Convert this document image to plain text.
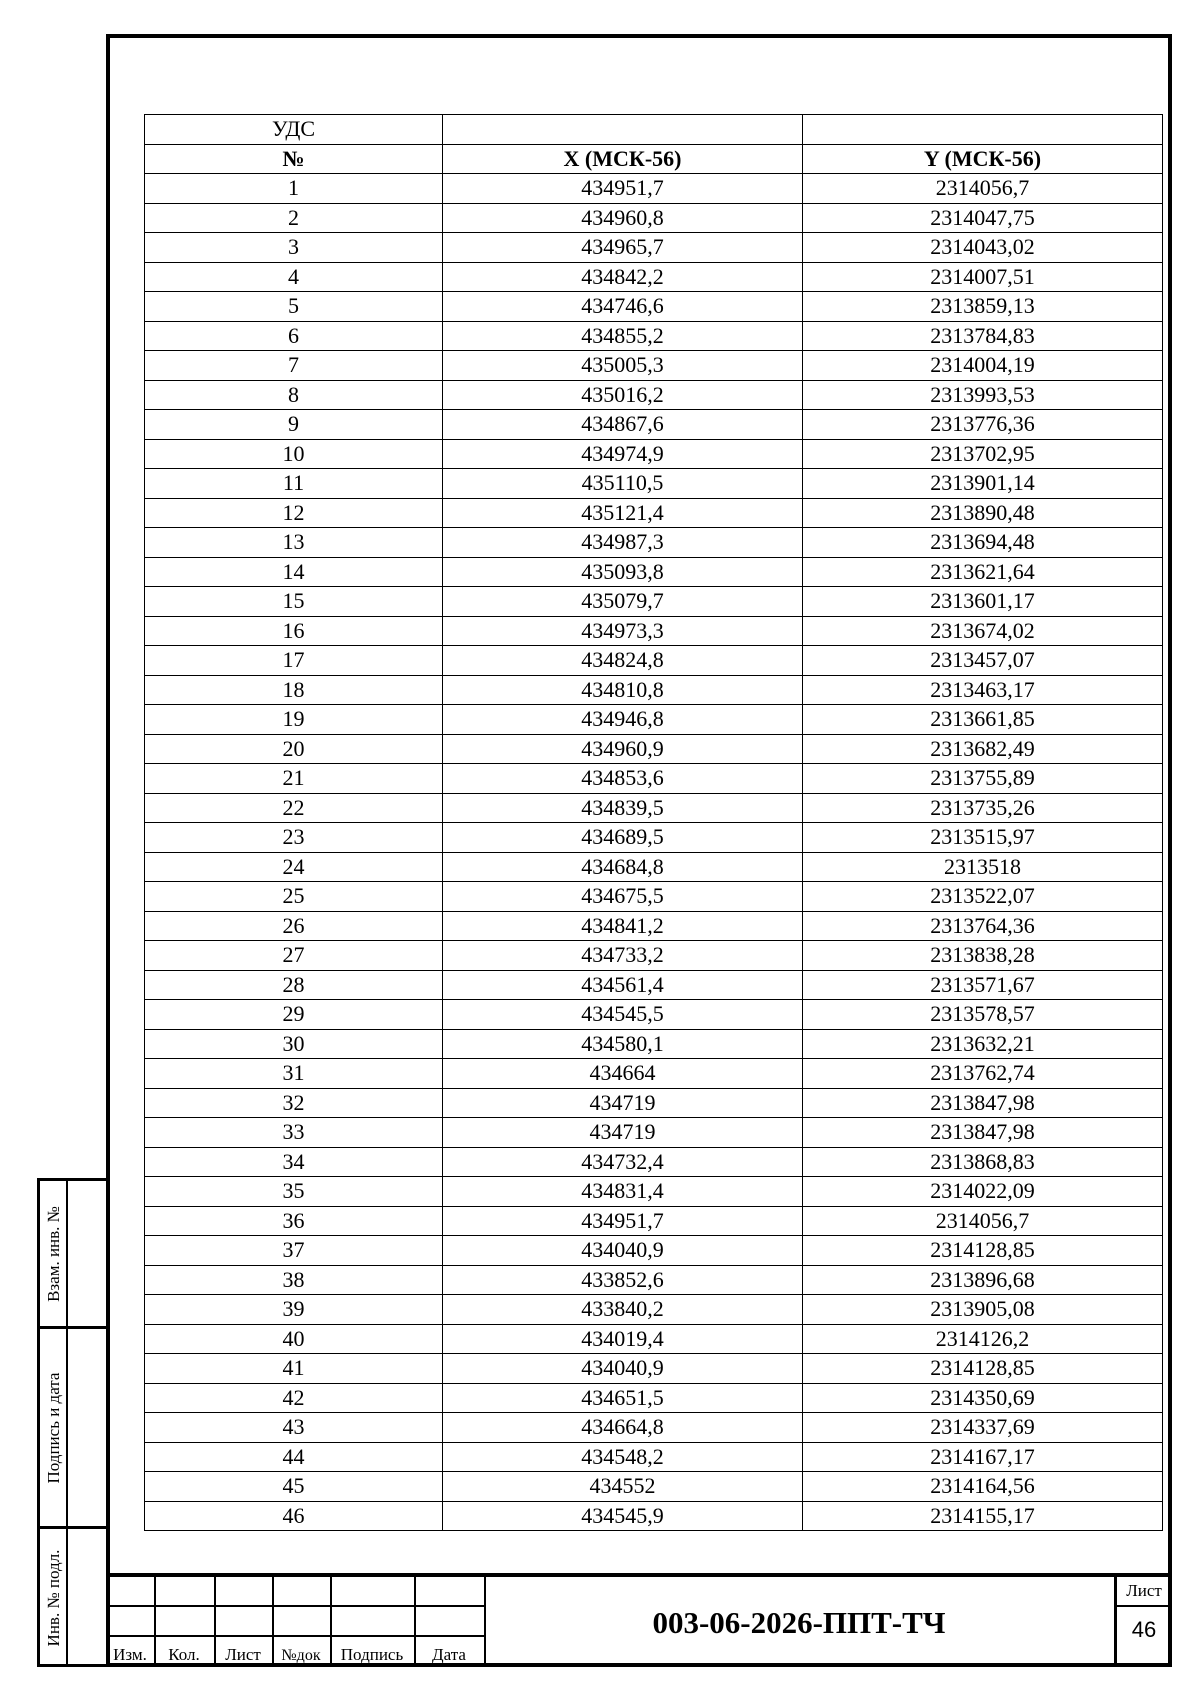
Взам. инв. №
Подпись и дата
Инв. № подл.
УДС		
№	X (МСК-56)	Y (МСК-56)
1	434951,7	2314056,7
2	434960,8	2314047,75
3	434965,7	2314043,02
4	434842,2	2314007,51
5	434746,6	2313859,13
6	434855,2	2313784,83
7	435005,3	2314004,19
8	435016,2	2313993,53
9	434867,6	2313776,36
10	434974,9	2313702,95
11	435110,5	2313901,14
12	435121,4	2313890,48
13	434987,3	2313694,48
14	435093,8	2313621,64
15	435079,7	2313601,17
16	434973,3	2313674,02
17	434824,8	2313457,07
18	434810,8	2313463,17
19	434946,8	2313661,85
20	434960,9	2313682,49
21	434853,6	2313755,89
22	434839,5	2313735,26
23	434689,5	2313515,97
24	434684,8	2313518
25	434675,5	2313522,07
26	434841,2	2313764,36
27	434733,2	2313838,28
28	434561,4	2313571,67
29	434545,5	2313578,57
30	434580,1	2313632,21
31	434664	2313762,74
32	434719	2313847,98
33	434719	2313847,98
34	434732,4	2313868,83
35	434831,4	2314022,09
36	434951,7	2314056,7
37	434040,9	2314128,85
38	433852,6	2313896,68
39	433840,2	2313905,08
40	434019,4	2314126,2
41	434040,9	2314128,85
42	434651,5	2314350,69
43	434664,8	2314337,69
44	434548,2	2314167,17
45	434552	2314164,56
46	434545,9	2314155,17
Изм.	Кол.	Лист	№док	Подпись	Дата
003-06-2026-ППТ-ТЧ
Лист
46
